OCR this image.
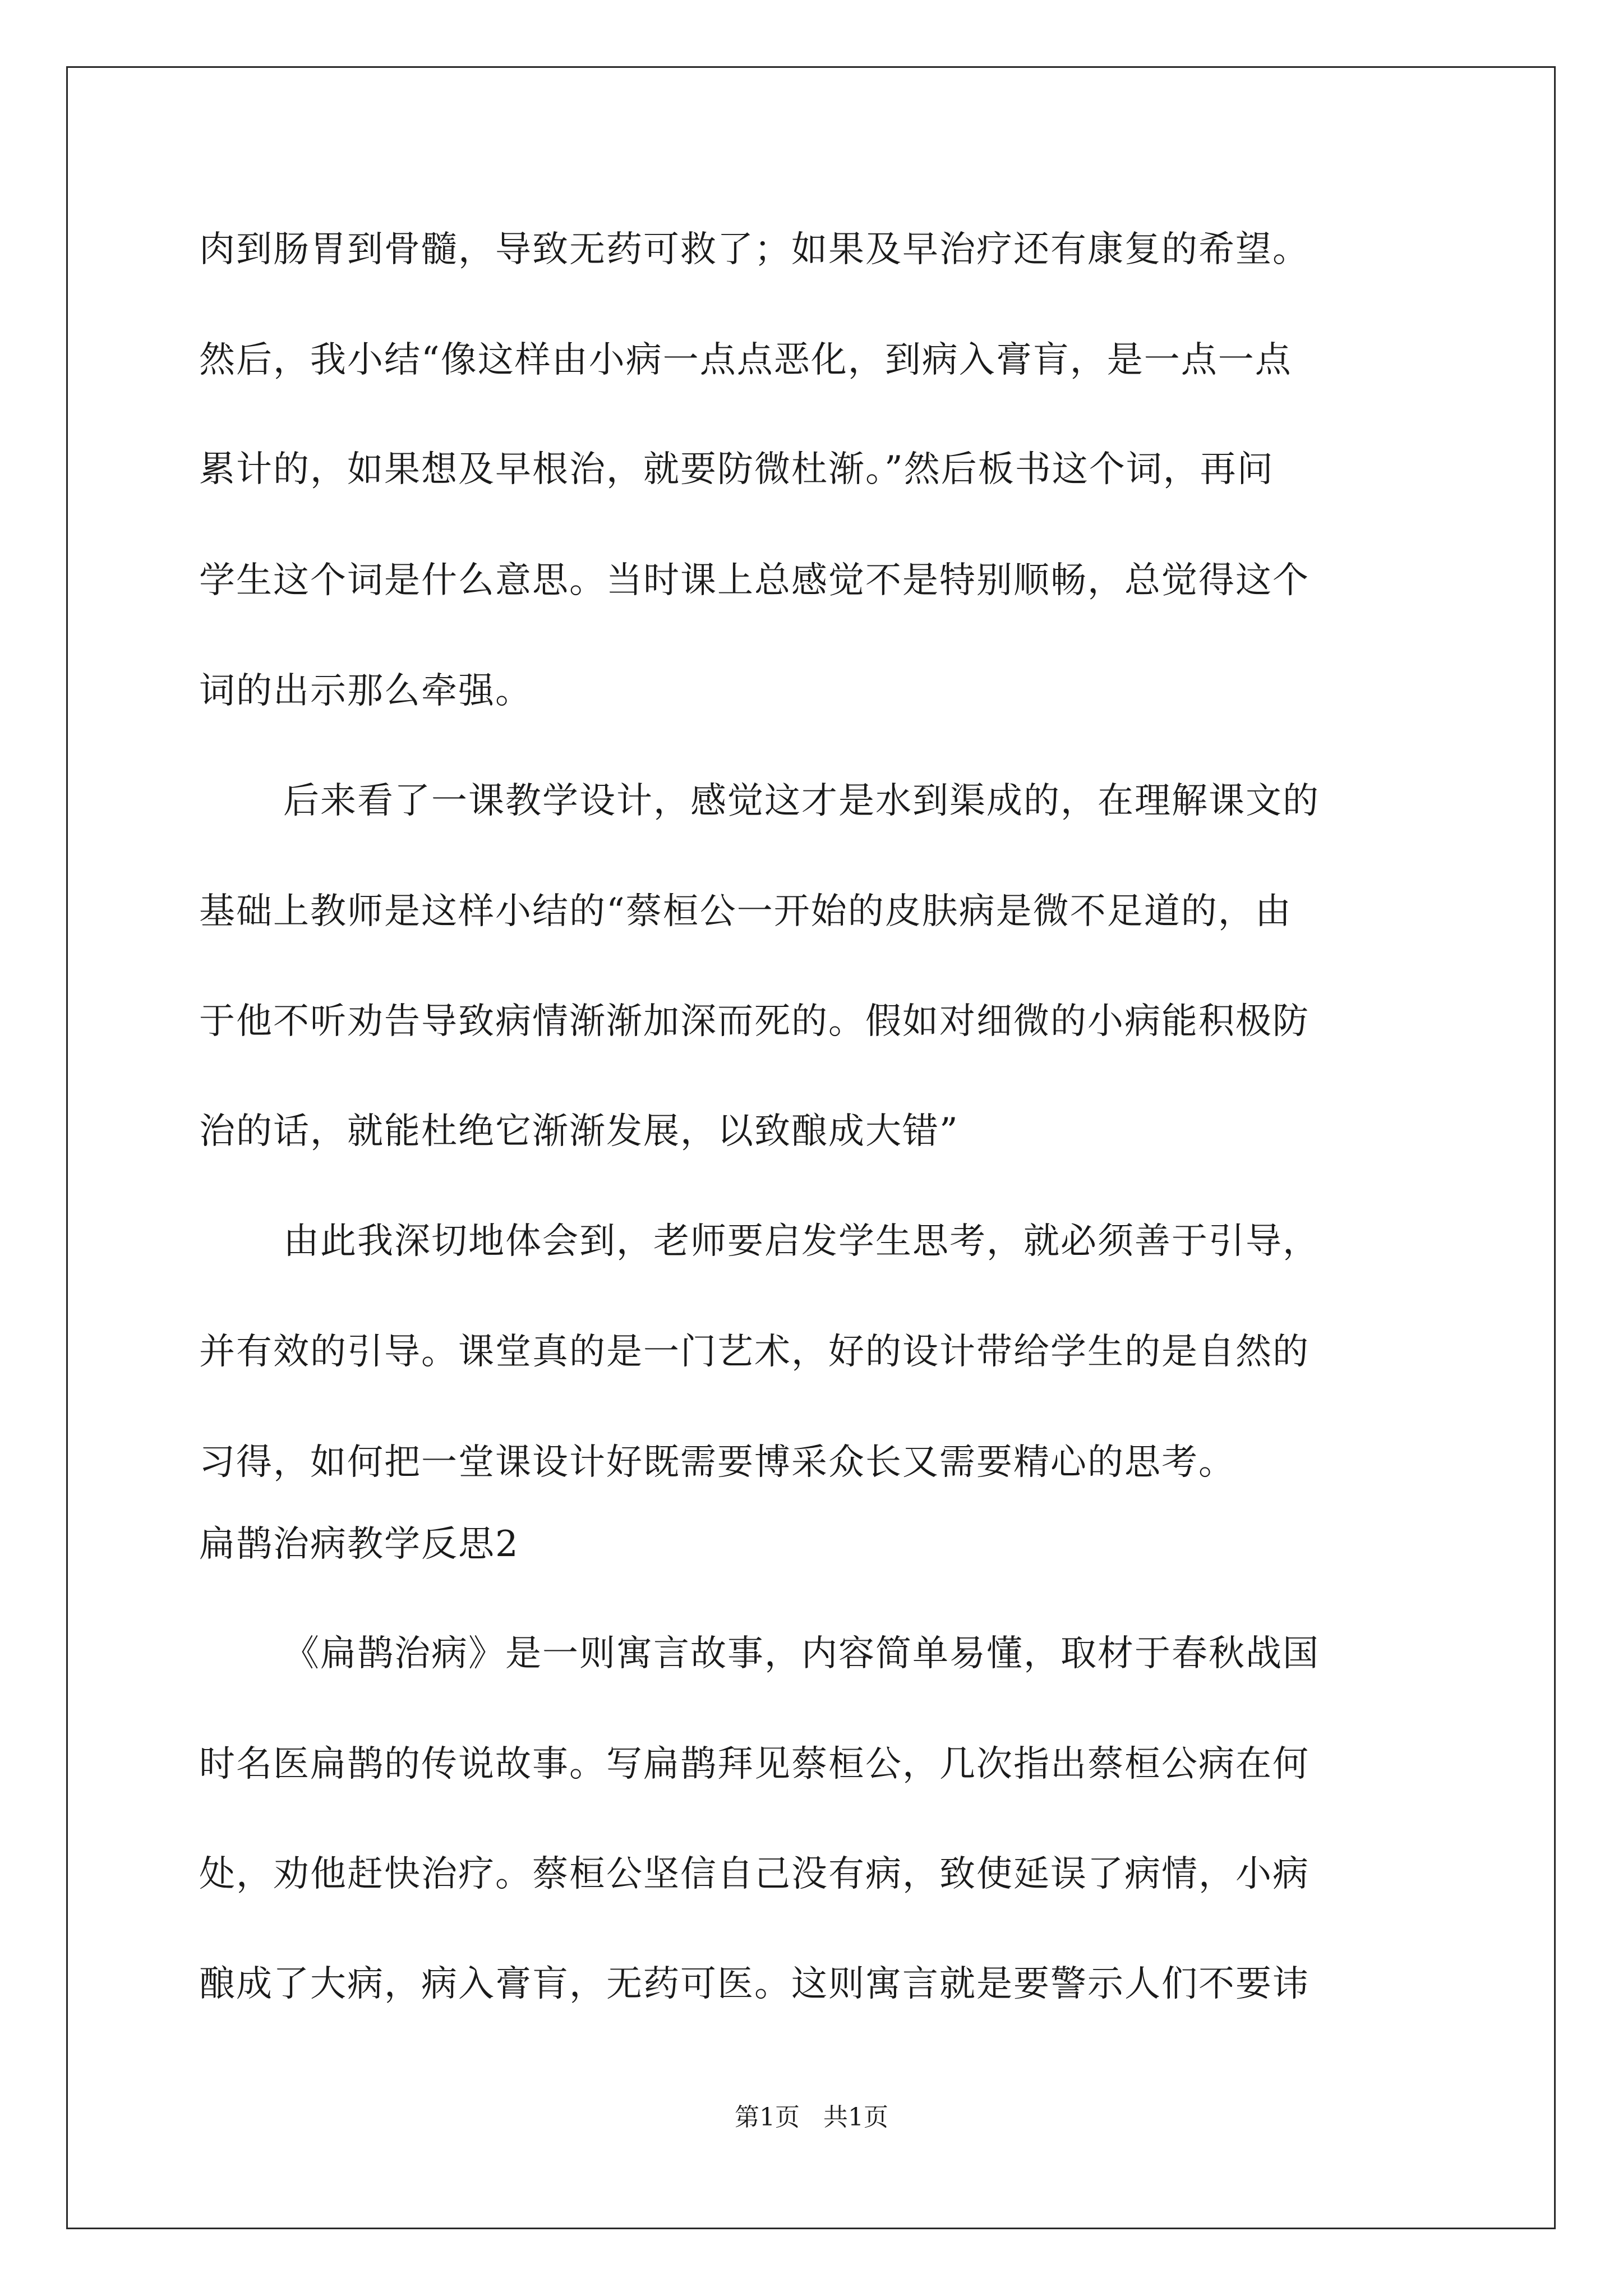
肉到肠胃到骨髓，导致无药可救了；如果及早治疗还有康复的希望。
然后，我小结“像这样由小病一点点恶化，到病入膏肓，是一点一点
累计的，如果想及早根治，就要防微杜渐。”然后板书这个词，再问
学生这个词是什么意思。当时课上总感觉不是特别顺畅，总觉得这个
词的出示那么牵强。
后来看了一课教学设计，感觉这才是水到渠成的，在理解课文的
基础上教师是这样小结的“蔡桓公一开始的皮肤病是微不足道的，由
于他不听劝告导致病情渐渐加深而死的。假如对细微的小病能积极防
治的话，就能杜绝它渐渐发展，以致酿成大错”
由此我深切地体会到，老师要启发学生思考，就必须善于引导，
并有效的引导。课堂真的是一门艺术，好的设计带给学生的是自然的
习得，如何把一堂课设计好既需要博采众长又需要精心的思考。
扁鹊治病教学反思2
《扁鹊治病》是一则寓言故事，内容简单易懂，取材于春秋战国
时名医扁鹊的传说故事。写扁鹊拜见蔡桓公，几次指出蔡桓公病在何
处，劝他赶快治疗。蔡桓公坚信自己没有病，致使延误了病情，小病
酿成了大病，病入膏肓，无药可医。这则寓言就是要警示人们不要讳
第1页   共1页
